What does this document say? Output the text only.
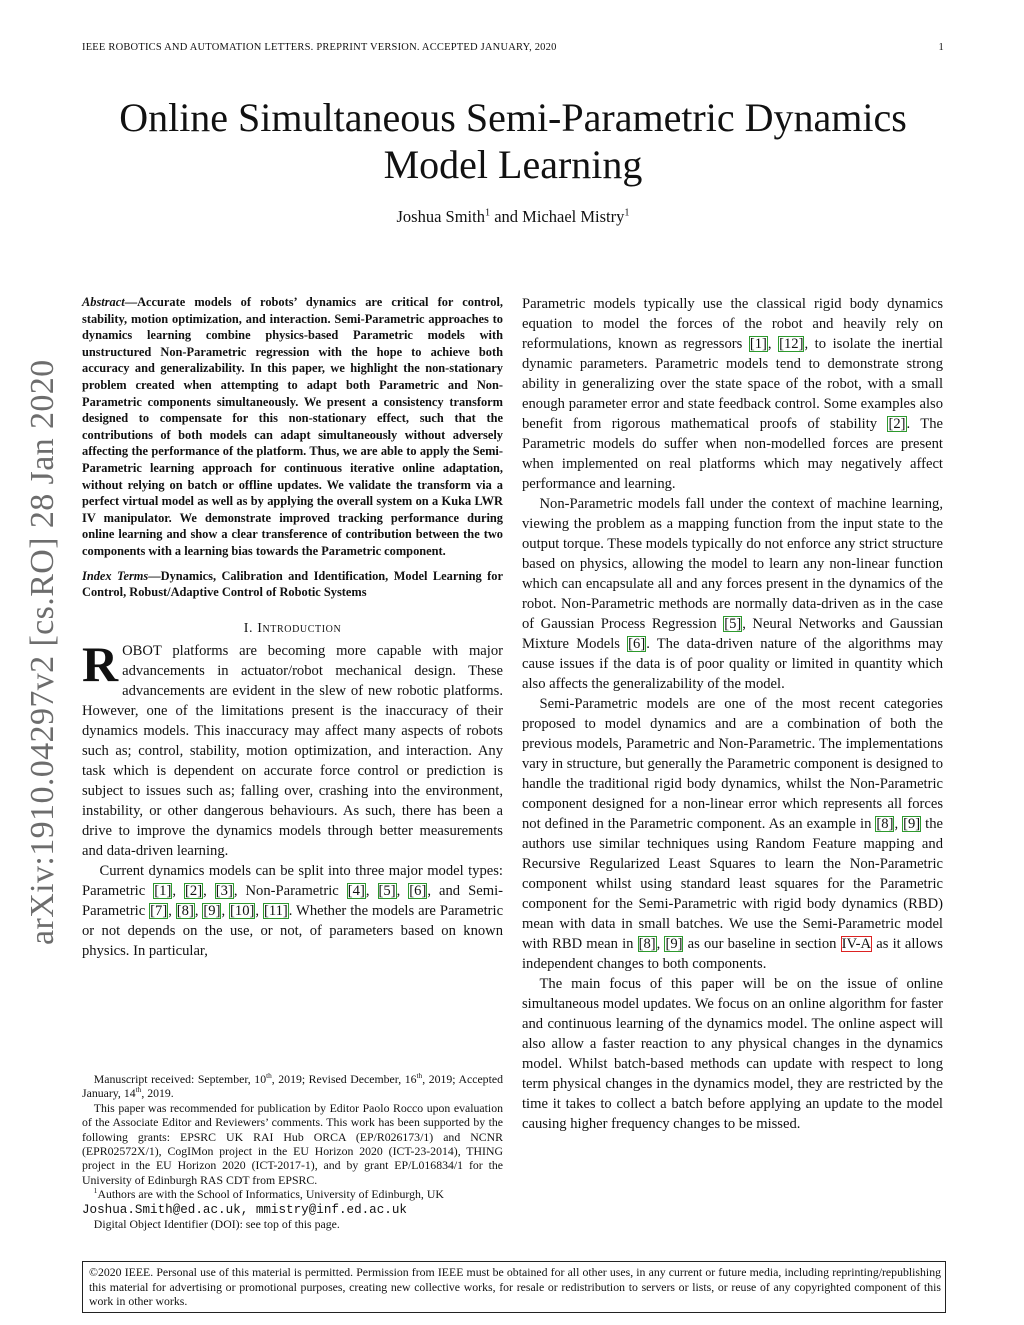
IEEE ROBOTICS AND AUTOMATION LETTERS. PREPRINT VERSION. ACCEPTED JANUARY, 2020	1
arXiv:1910.04297v2 [cs.RO] 28 Jan 2020
Online Simultaneous Semi-Parametric Dynamics
Model Learning
Joshua Smith$^1$ and Michael Mistry$^1$
Abstract—Accurate models of robots’ dynamics are critical for control, stability, motion optimization, and interaction. Semi-Parametric approaches to dynamics learning combine physics-based Parametric models with unstructured Non-Parametric regression with the hope to achieve both accuracy and generalizability. In this paper, we highlight the non-stationary problem created when attempting to adapt both Parametric and Non-Parametric components simultaneously. We present a consistency transform designed to compensate for this non-stationary effect, such that the contributions of both models can adapt simultaneously without adversely affecting the performance of the platform. Thus, we are able to apply the Semi-Parametric learning approach for continuous iterative online adaptation, without relying on batch or offline updates. We validate the transform via a perfect virtual model as well as by applying the overall system on a Kuka LWR IV manipulator. We demonstrate improved tracking performance during online learning and show a clear transference of contribution between the two components with a learning bias towards the Parametric component.
Index Terms—Dynamics, Calibration and Identification, Model Learning for Control, Robust/Adaptive Control of Robotic Systems
I. Introduction

ROBOT platforms are becoming more capable with major advancements in actuator/robot mechanical design. These advancements are evident in the slew of new robotic platforms. However, one of the limitations present is the inaccuracy of their dynamics models. This inaccuracy may affect many aspects of robots such as; control, stability, motion optimization, and interaction. Any task which is dependent on accurate force control or prediction is subject to issues such as; falling over, crashing into the environment, instability, or other dangerous behaviours. As such, there has been a drive to improve the dynamics models through better measurements and data-driven learning.

Current dynamics models can be split into three major model types: Parametric [1], [2], [3], Non-Parametric [4], [5], [6], and Semi-Parametric [7], [8], [9], [10], [11]. Whether the models are Parametric or not depends on the use, or not, of parameters based on known physics. In particular,

Manuscript received: September, 10th, 2019; Revised December, 16th, 2019; Accepted January, 14th, 2019.

This paper was recommended for publication by Editor Paolo Rocco upon evaluation of the Associate Editor and Reviewers’ comments. This work has been supported by the following grants: EPSRC UK RAI Hub ORCA (EP/R026173/1) and NCNR (EPR02572X/1), CogIMon project in the EU Horizon 2020 (ICT-23-2014), THING project in the EU Horizon 2020 (ICT-2017-1), and by grant EP/L016834/1 for the University of Edinburgh RAS CDT from EPSRC.

$^1$Authors are with the School of Informatics, University of Edinburgh, UK
Joshua.Smith@ed.ac.uk, mmistry@inf.ed.ac.uk

Digital Object Identifier (DOI): see top of this page.

Parametric models typically use the classical rigid body dynamics equation to model the forces of the robot and heavily rely on reformulations, known as regressors [1], [12], to isolate the inertial dynamic parameters. Parametric models tend to demonstrate strong ability in generalizing over the state space of the robot, with a small enough parameter error and state feedback control. Some examples also benefit from rigorous mathematical proofs of stability [2]. The Parametric models do suffer when non-modelled forces are present when implemented on real platforms which may negatively affect performance and learning.

Non-Parametric models fall under the context of machine learning, viewing the problem as a mapping function from the input state to the output torque. These models typically do not enforce any strict structure based on physics, allowing the model to learn any non-linear function which can encapsulate all and any forces present in the dynamics of the robot. Non-Parametric methods are normally data-driven as in the case of Gaussian Process Regression [5], Neural Networks and Gaussian Mixture Models [6]. The data-driven nature of the algorithms may cause issues if the data is of poor quality or limited in quantity which also affects the generalizability of the model.

Semi-Parametric models are one of the most recent categories proposed to model dynamics and are a combination of both the previous models, Parametric and Non-Parametric. The implementations vary in structure, but generally the Parametric component is designed to handle the traditional rigid body dynamics, whilst the Non-Parametric component designed for a non-linear error which represents all forces not defined in the Parametric component. As an example in [8], [9] the authors use similar techniques using Random Feature mapping and Recursive Regularized Least Squares to learn the Non-Parametric component whilst using standard least squares for the Parametric component for the Semi-Parametric with rigid body dynamics (RBD) mean with data in small batches. We use the Semi-Parametric model with RBD mean in [8], [9] as our baseline in section IV-A as it allows independent changes to both components.

The main focus of this paper will be on the issue of online simultaneous model updates. We focus on an online algorithm for faster and continuous learning of the dynamics model. The online aspect will also allow a faster reaction to any physical changes in the dynamics model. Whilst batch-based methods can update with respect to long term physical changes in the dynamics model, they are restricted by the time it takes to collect a batch before applying an update to the model causing higher frequency changes to be missed.

©2020 IEEE. Personal use of this material is permitted. Permission from IEEE must be obtained for all other uses, in any current or future media, including reprinting/republishing this material for advertising or promotional purposes, creating new collective works, for resale or redistribution to servers or lists, or reuse of any copyrighted component of this work in other works.
